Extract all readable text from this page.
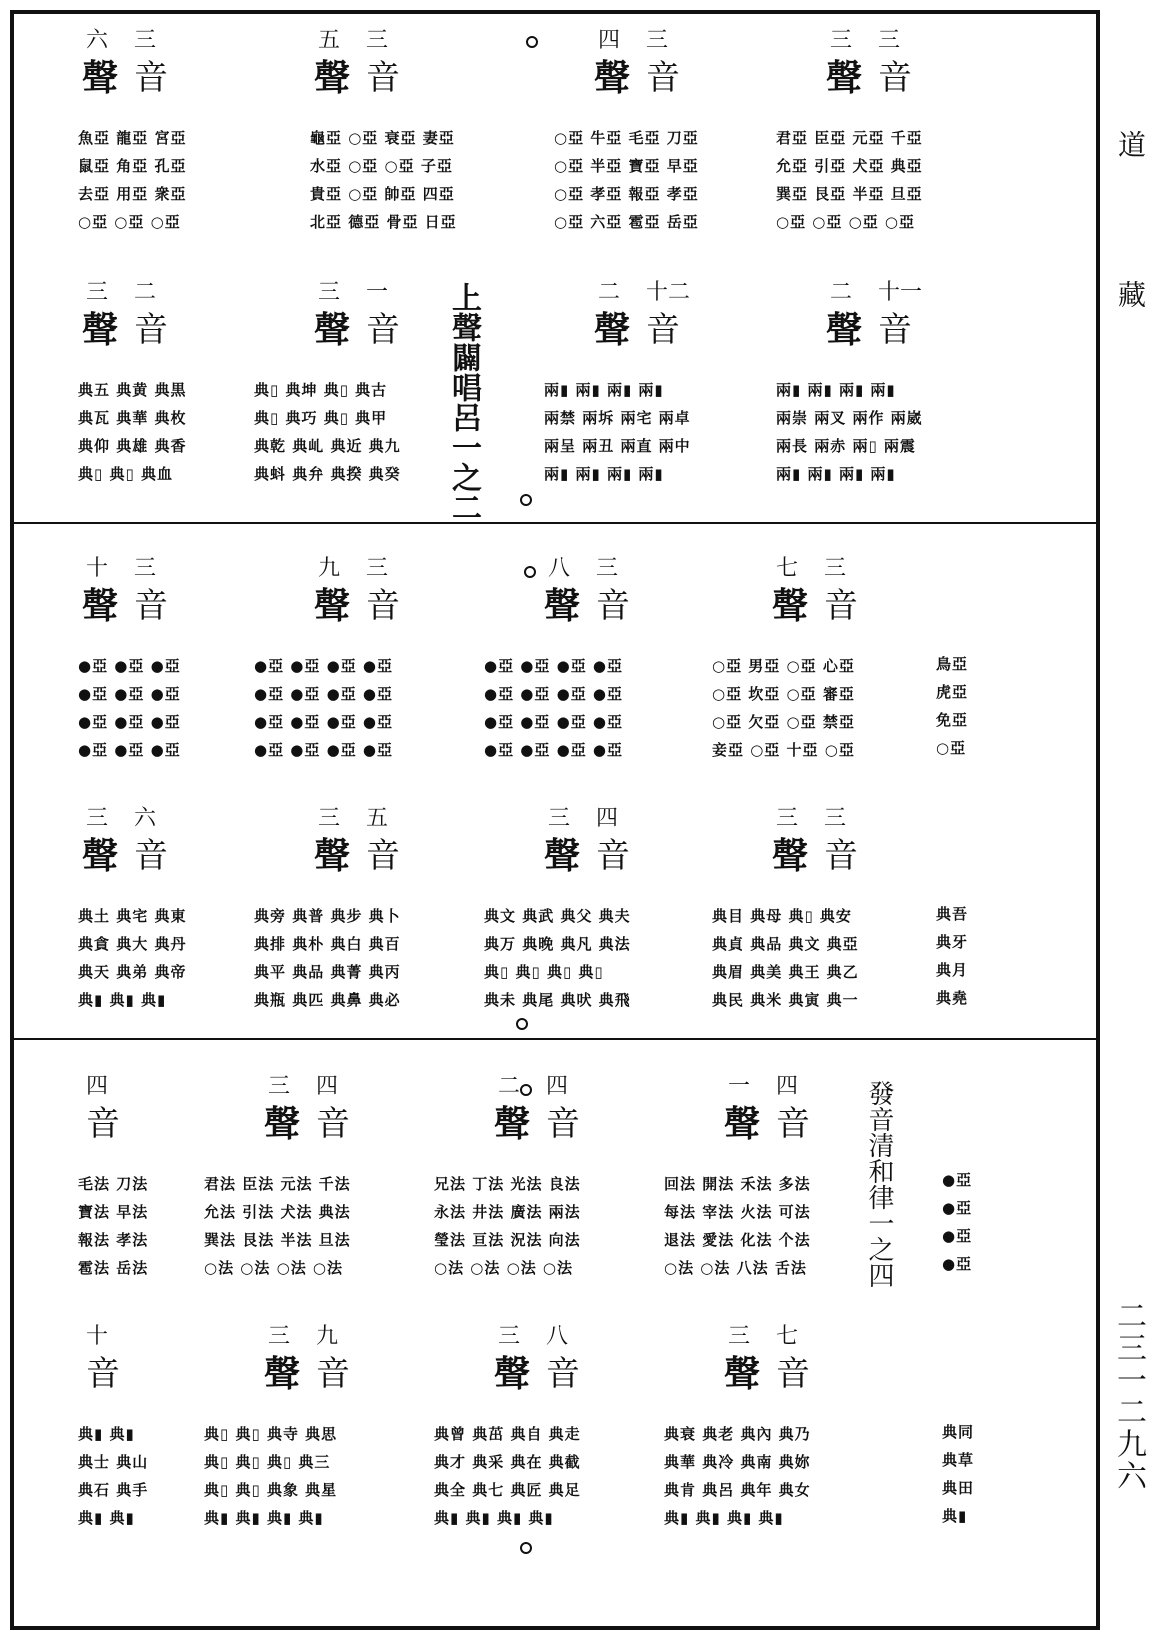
六 三
聲 音
魚亞 龍亞 宮亞
鼠亞 角亞 孔亞
去亞 用亞 衆亞
○亞 ○亞 ○亞
五 三
聲 音
龜亞 ○亞 衰亞 妻亞
水亞 ○亞 ○亞 子亞
貴亞 ○亞 帥亞 四亞
北亞 德亞 骨亞 日亞
四 三
聲 音
○亞 牛亞 毛亞 刀亞
○亞 半亞 寶亞 早亞
○亞 孝亞 報亞 孝亞
○亞 六亞 雹亞 岳亞
三 三
聲 音
君亞 臣亞 元亞 千亞
允亞 引亞 犬亞 典亞
巽亞 艮亞 半亞 旦亞
○亞 ○亞 ○亞 ○亞
上聲闢唱呂一之二
三 二
聲 音
典五 典黄 典黒
典瓦 典華 典枚
典仰 典雄 典香
典▯ 典▯ 典血
三 一
聲 音
典▯ 典坤 典▯ 典古
典▯ 典巧 典▯ 典甲
典乾 典乢 典近 典九
典蚪 典弁 典揆 典癸
二 十二
聲 音
兩▮ 兩▮ 兩▮ 兩▮
兩禁 兩坼 兩宅 兩卓
兩呈 兩丑 兩直 兩中
兩▮ 兩▮ 兩▮ 兩▮
二 十一
聲 音
兩▮ 兩▮ 兩▮ 兩▮
兩崇 兩叉 兩作 兩崴
兩長 兩赤 兩▯ 兩震
兩▮ 兩▮ 兩▮ 兩▮
十 三
聲 音
●亞 ●亞 ●亞
●亞 ●亞 ●亞
●亞 ●亞 ●亞
●亞 ●亞 ●亞
九 三
聲 音
●亞 ●亞 ●亞 ●亞
●亞 ●亞 ●亞 ●亞
●亞 ●亞 ●亞 ●亞
●亞 ●亞 ●亞 ●亞
八 三
聲 音
●亞 ●亞 ●亞 ●亞
●亞 ●亞 ●亞 ●亞
●亞 ●亞 ●亞 ●亞
●亞 ●亞 ●亞 ●亞
七 三
聲 音
○亞 男亞 ○亞 心亞
○亞 坎亞 ○亞 審亞
○亞 欠亞 ○亞 禁亞
妾亞 ○亞 十亞 ○亞
鳥亞
虎亞
免亞
○亞
三 六
聲 音
典土 典宅 典東
典貪 典大 典丹
典天 典弟 典帝
典▮ 典▮ 典▮
三 五
聲 音
典旁 典普 典步 典卜
典排 典朴 典白 典百
典平 典品 典菁 典丙
典瓶 典匹 典鼻 典必
三 四
聲 音
典文 典武 典父 典夫
典万 典晚 典凡 典法
典▯ 典▯ 典▯ 典▯
典未 典尾 典吠 典飛
三 三
聲 音
典目 典母 典▯ 典安
典貞 典品 典文 典亞
典眉 典美 典王 典乙
典民 典米 典寅 典一
典吾
典牙
典月
典堯
四
音
毛法 刀法
寶法 早法
報法 孝法
雹法 岳法
三 四
聲 音
君法 臣法 元法 千法
允法 引法 犬法 典法
巽法 艮法 半法 旦法
○法 ○法 ○法 ○法
二 四
聲 音
兄法 丁法 光法 良法
永法 井法 廣法 兩法
瑩法 亘法 況法 向法
○法 ○法 ○法 ○法
一 四
聲 音
回法 開法 禾法 多法
每法 宰法 火法 可法
退法 愛法 化法 个法
○法 ○法 八法 舌法	發音清和律一之四	●亞
●亞
●亞
●亞
十
音
典▮ 典▮
典士 典山
典石 典手
典▮ 典▮
三 九
聲 音
典▯ 典▯ 典寺 典思
典▯ 典▯ 典▯ 典三
典▯ 典▯ 典象 典星
典▮ 典▮ 典▮ 典▮
三 八
聲 音
典曾 典茁 典自 典走
典才 典采 典在 典截
典全 典七 典匠 典足
典▮ 典▮ 典▮ 典▮
三 七
聲 音
典衰 典老 典內 典乃
典華 典冷 典南 典妳
典肯 典呂 典年 典女
典▮ 典▮ 典▮ 典▮
典同
典草
典田
典▮
道
藏
二三一二九六
